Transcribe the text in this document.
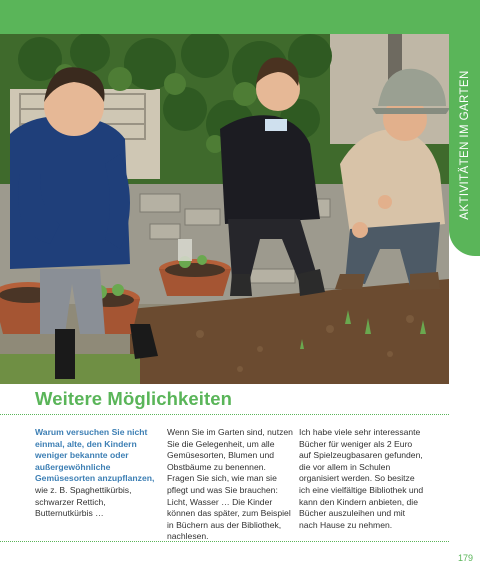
AKTIVITÄTEN IM GARTEN
Weitere Möglichkeiten
Warum versuchen Sie nicht einmal, alte, den Kindern weniger bekannte oder außergewöhnliche Gemüsesorten anzupflanzen, wie z. B. Spaghettikürbis, schwarzer Rettich, Butternutkürbis …
Wenn Sie im Garten sind, nutzen Sie die Gelegenheit, um alle Gemüsesorten, Blumen und Obstbäume zu benennen. Fragen Sie sich, wie man sie pflegt und was Sie brauchen: Licht, Wasser … Die Kinder können das später, zum Beispiel in Büchern aus der Bibliothek, nachlesen.
Ich habe viele sehr interessante Bücher für weniger als 2 Euro auf Spielzeugbasaren gefunden, die vor allem in Schulen organisiert werden. So besitze ich eine vielfältige Bibliothek und kann den Kindern anbieten, die Bücher auszuleihen und mit nach Hause zu nehmen.
179
